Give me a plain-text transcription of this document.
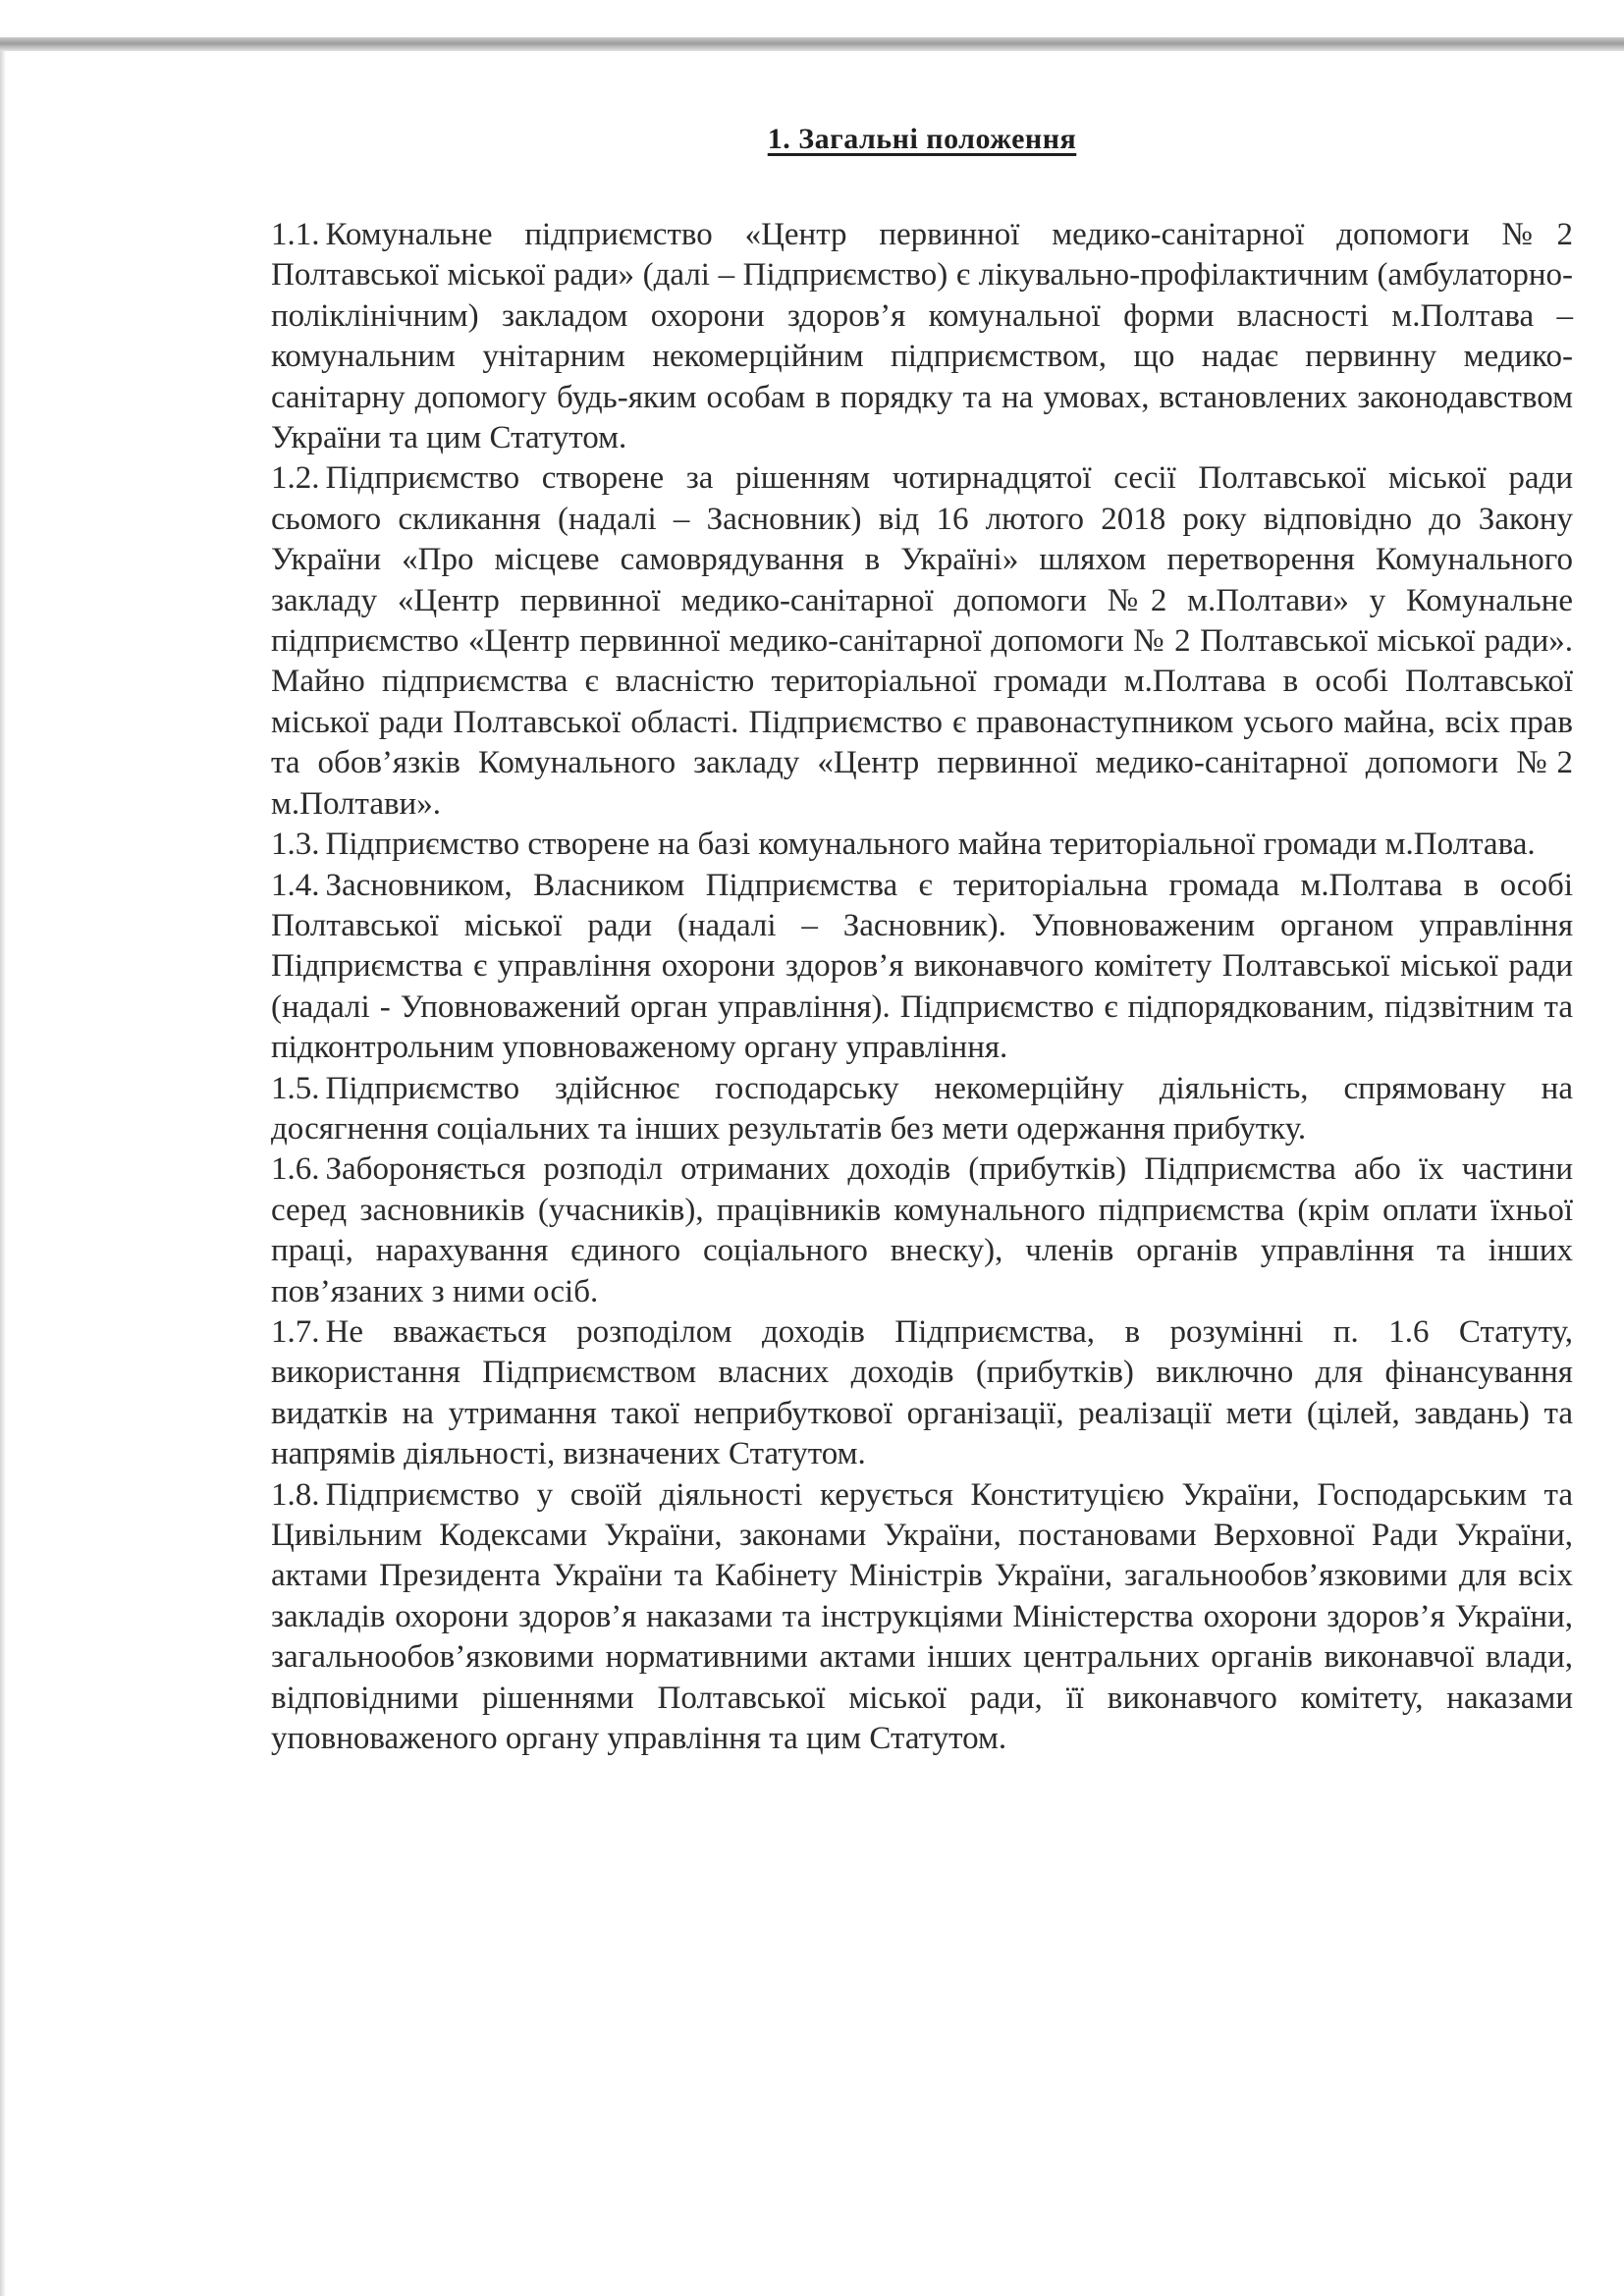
1. Загальні положення

1.1. Комунальне підприємство «Центр первинної медико-санітарної допомоги №2 Полтавської міської ради» (далі – Підприємство) є лікувально-профілактичним (амбулаторно-поліклінічним) закладом охорони здоров’я комунальної форми власності м.Полтава – комунальним унітарним некомерційним підприємством, що надає первинну медико-санітарну допомогу будь-яким особам в порядку та на умовах, встановлених законодавством України та цим Статутом.

1.2. Підприємство створене за рішенням чотирнадцятої сесії Полтавської міської ради сьомого скликання (надалі – Засновник) від 16 лютого 2018 року відповідно до Закону України «Про місцеве самоврядування в Україні» шляхом перетворення Комунального закладу «Центр первинної медико-санітарної допомоги №2 м.Полтави» у Комунальне підприємство «Центр первинної медико-санітарної допомоги № 2 Полтавської міської ради». Майно підприємства є власністю територіальної громади м.Полтава в особі Полтавської міської ради Полтавської області. Підприємство є правонаступником усього майна, всіх прав та обов’язків Комунального закладу «Центр первинної медико-санітарної допомоги №2 м.Полтави».

1.3. Підприємство створене на базі комунального майна територіальної громади м.Полтава.

1.4. Засновником, Власником Підприємства є територіальна громада м.Полтава в особі Полтавської міської ради (надалі – Засновник). Уповноваженим органом управління Підприємства є управління охорони здоров’я виконавчого комітету Полтавської міської ради (надалі - Уповноважений орган управління). Підприємство є підпорядкованим, підзвітним та підконтрольним уповноваженому органу управління.

1.5. Підприємство здійснює господарську некомерційну діяльність, спрямовану на досягнення соціальних та інших результатів без мети одержання прибутку.

1.6. Забороняється розподіл отриманих доходів (прибутків) Підприємства або їх частини серед засновників (учасників), працівників комунального підприємства (крім оплати їхньої праці, нарахування єдиного соціального внеску), членів органів управління та інших пов’язаних з ними осіб.

1.7. Не вважається розподілом доходів Підприємства, в розумінні п. 1.6 Статуту, використання Підприємством власних доходів (прибутків) виключно для фінансування видатків на утримання такої неприбуткової організації, реалізації мети (цілей, завдань) та напрямів діяльності, визначених Статутом.

1.8. Підприємство у своїй діяльності керується Конституцією України, Господарським та Цивільним Кодексами України, законами України, постановами Верховної Ради України, актами Президента України та Кабінету Міністрів України, загальнообов’язковими для всіх закладів охорони здоров’я наказами та інструкціями Міністерства охорони здоров’я України, загальнообов’язковими нормативними актами інших центральних органів виконавчої влади, відповідними рішеннями Полтавської міської ради, її виконавчого комітету, наказами уповноваженого органу управління та цим Статутом.
